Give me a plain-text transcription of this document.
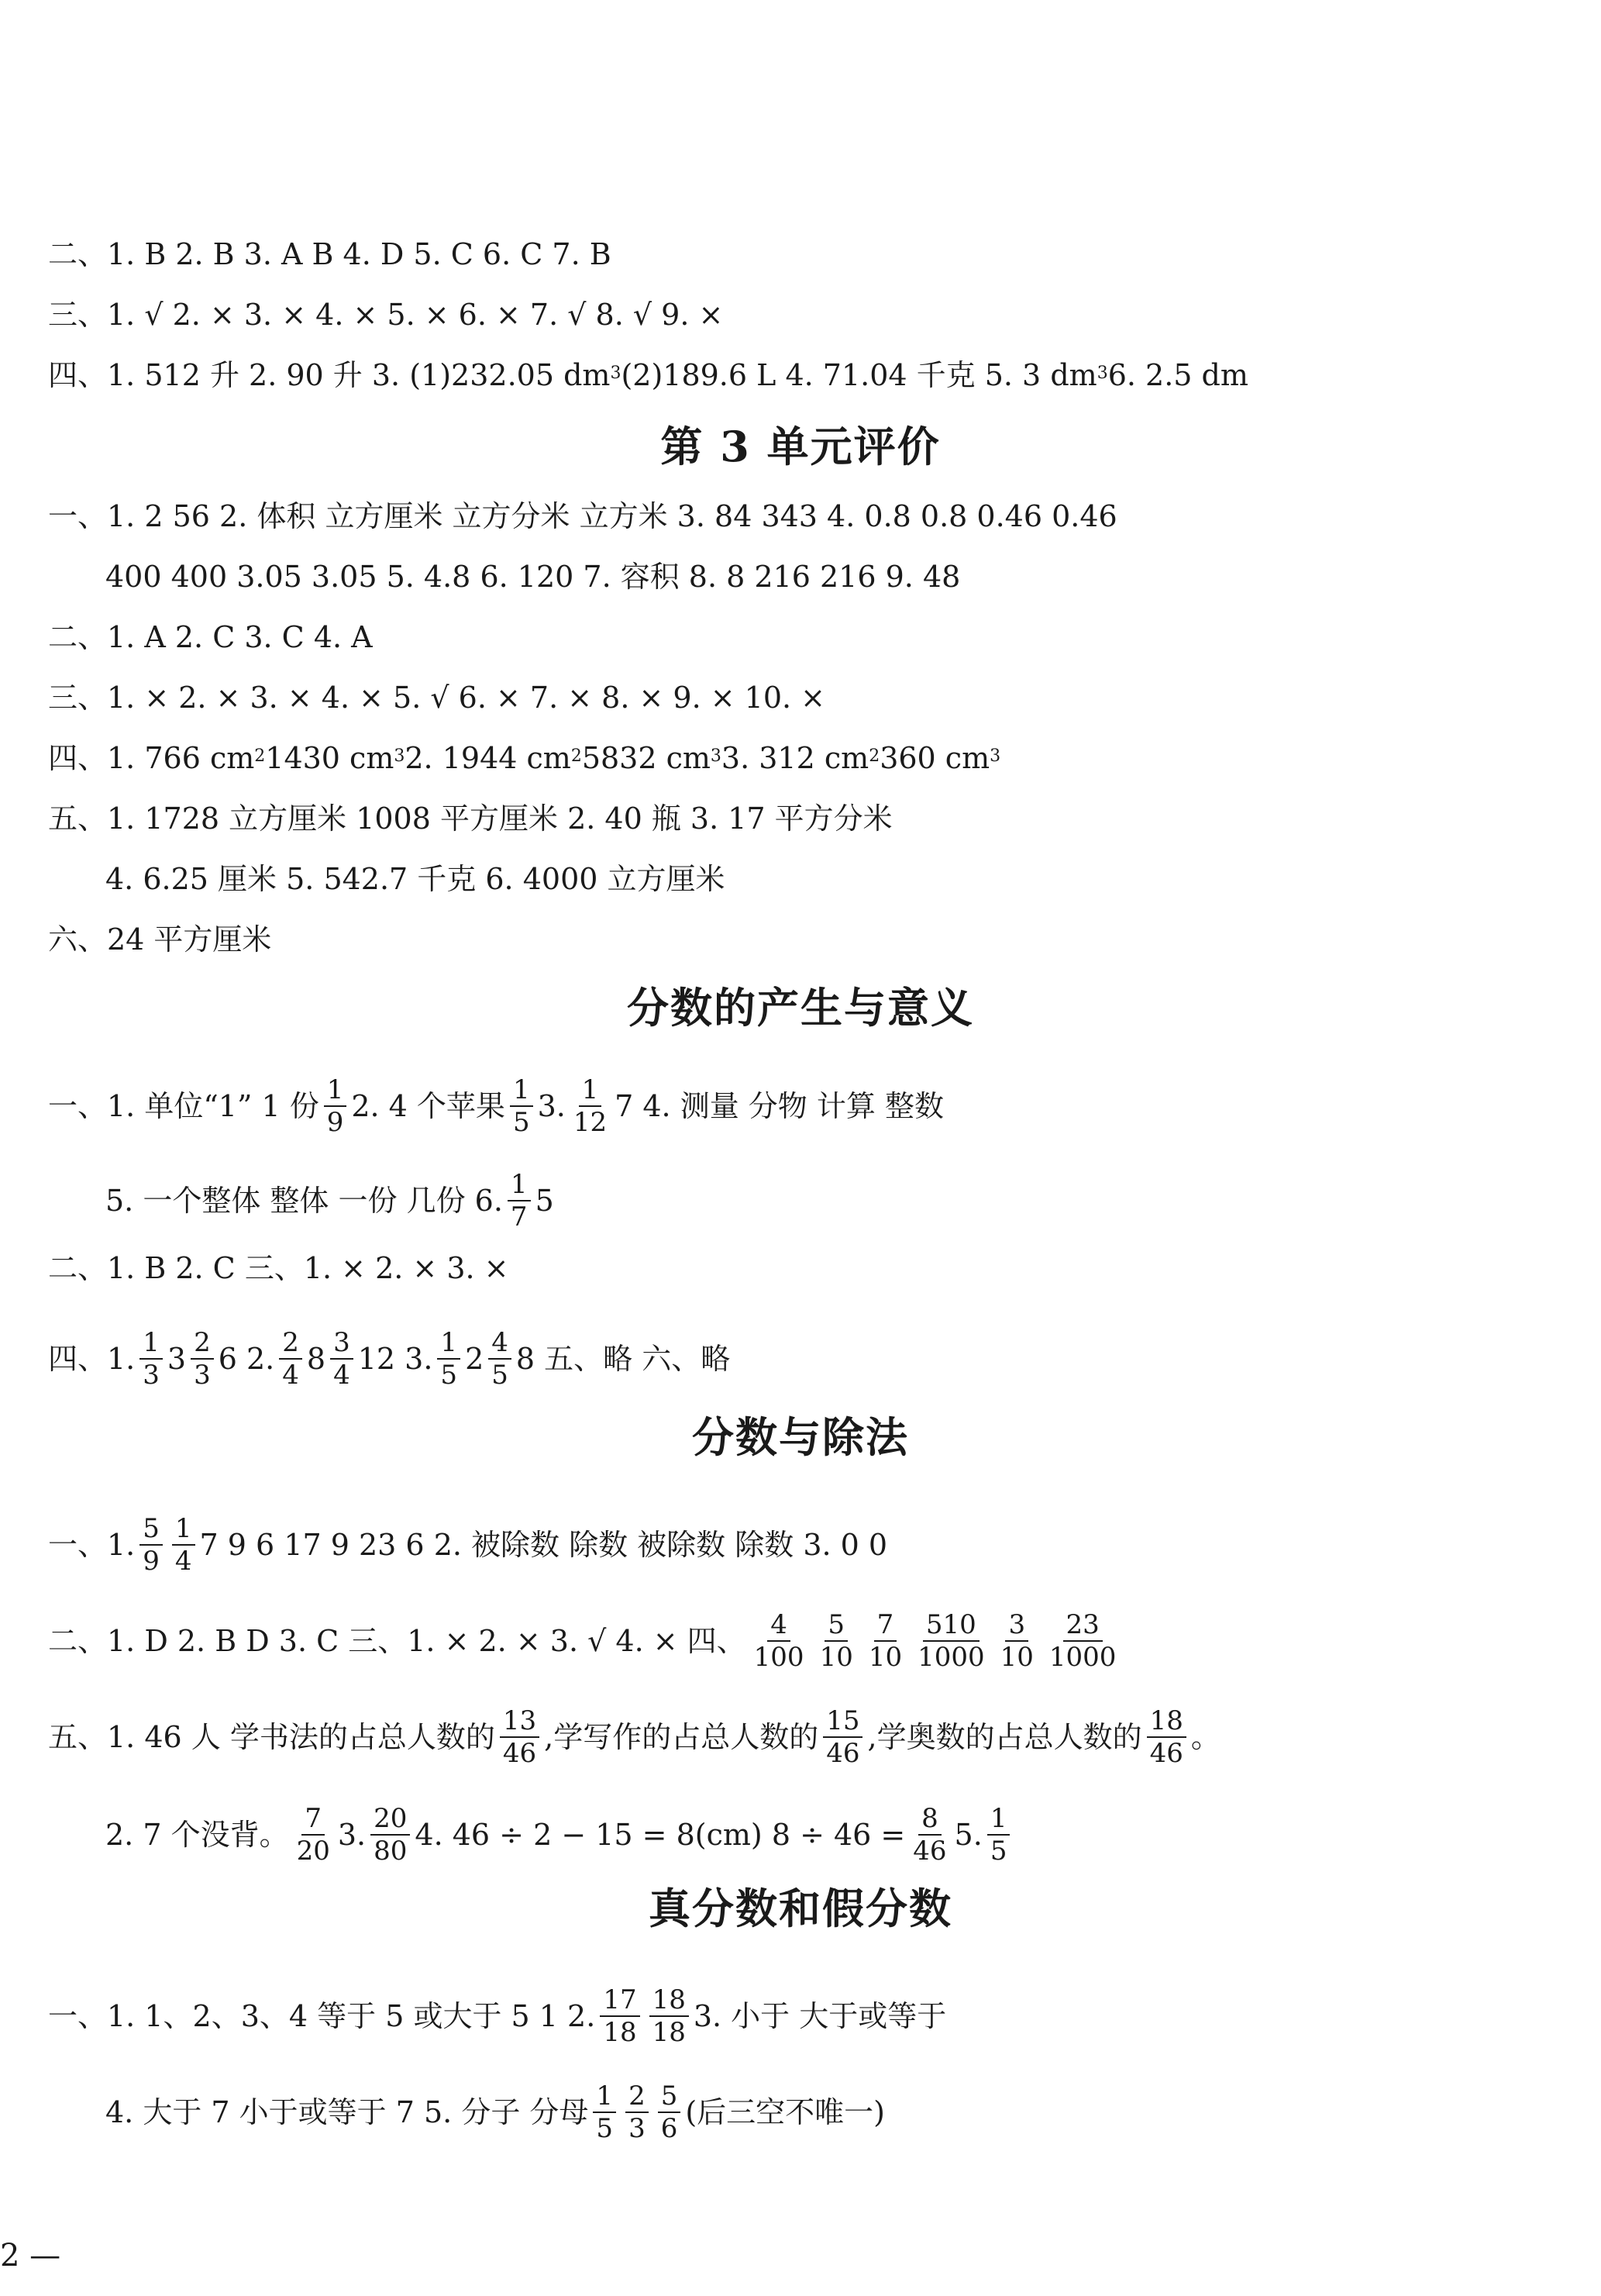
二、1. B 2. B 3. A B 4. D 5. C 6. C 7. B
三、1. √ 2. × 3. × 4. × 5. × 6. × 7. √ 8. √ 9. ×
四、1. 512 升 2. 90 升 3. (1)232.05 $dm^3$ (2)189.6 L 4. 71.04 千克 5. 3 $dm^3$ 6. 2.5 dm
第 3 单元评价
一、1. 2 56 2. 体积 立方厘米 立方分米 立方米 3. 84 343 4. 0.8 0.8 0.46 0.46
400 400 3.05 3.05 5. 4.8 6. 120 7. 容积 8. 8 216 216 9. 48
二、1. A 2. C 3. C 4. A
三、1. × 2. × 3. × 4. × 5. √ 6. × 7. × 8. × 9. × 10. ×
四、1. 766 $cm^2$ 1430 $cm^3$ 2. 1944 $cm^2$ 5832 $cm^3$ 3. 312 $cm^2$ 360 $cm^3$
五、1. 1728 立方厘米 1008 平方厘米 2. 40 瓶 3. 17 平方分米
4. 6.25 厘米 5. 542.7 千克 6. 4000 立方厘米
六、24 平方厘米
分数的产生与意义
一、1. 单位“1” 1 份 $\frac{1}{9} 2$. 4 个苹果 $\frac{1}{5} 3$. $\frac{1}{12} 7$ 4. 测量 分物 计算 整数
5. 一个整体 整体 一份 几份 6. $\frac{1}{7} 5$
二、1. B 2. C 三、1. × 2. × 3. ×
四、1. $\frac{1}{3} 3 \frac{2}{3} 6$ 2. $\frac{2}{4} 8 \frac{3}{4} 12$ 3. $\frac{1}{5} 2 \frac{4}{5} 8$ 五、略 六、略
分数与除法
一、1. $\frac{5}{9} \frac{1}{4} 7$ 9 6 17 9 23 6 2. 被除数 除数 被除数 除数 3. 0 0
二、1. D 2. B D 3. C 三、1. × 2. × 3. √ 4. × 四、 $\frac{4}{100} \frac{5}{10} \frac{7}{10} \frac{510}{1000} \frac{3}{10} \frac{23}{1000}$
五、1. 46 人 学书法的占总人数的 $\frac{13}{46}$ ,学写作的占总人数的 $\frac{15}{46}$ ,学奥数的占总人数的 $\frac{18}{46}$ 。
2. 7 个没背。 $\frac{7}{20} 3$. $\frac{20}{80} 4$. 46 ÷ 2 − 15 = 8(cm) $8 \div 46 = \frac{8}{46} 5$. $\frac{1}{5}$
真分数和假分数
一、1. 1、2、3、4 等于 5 或大于 5 1 2. $\frac{17}{18} \frac{18}{18} 3$. 小于 大于或等于
4. 大于 7 小于或等于 7 5. 分子 分母 $\frac{1}{5} \frac{2}{3} \frac{5}{6}$ (后三空不唯一)
2 —
